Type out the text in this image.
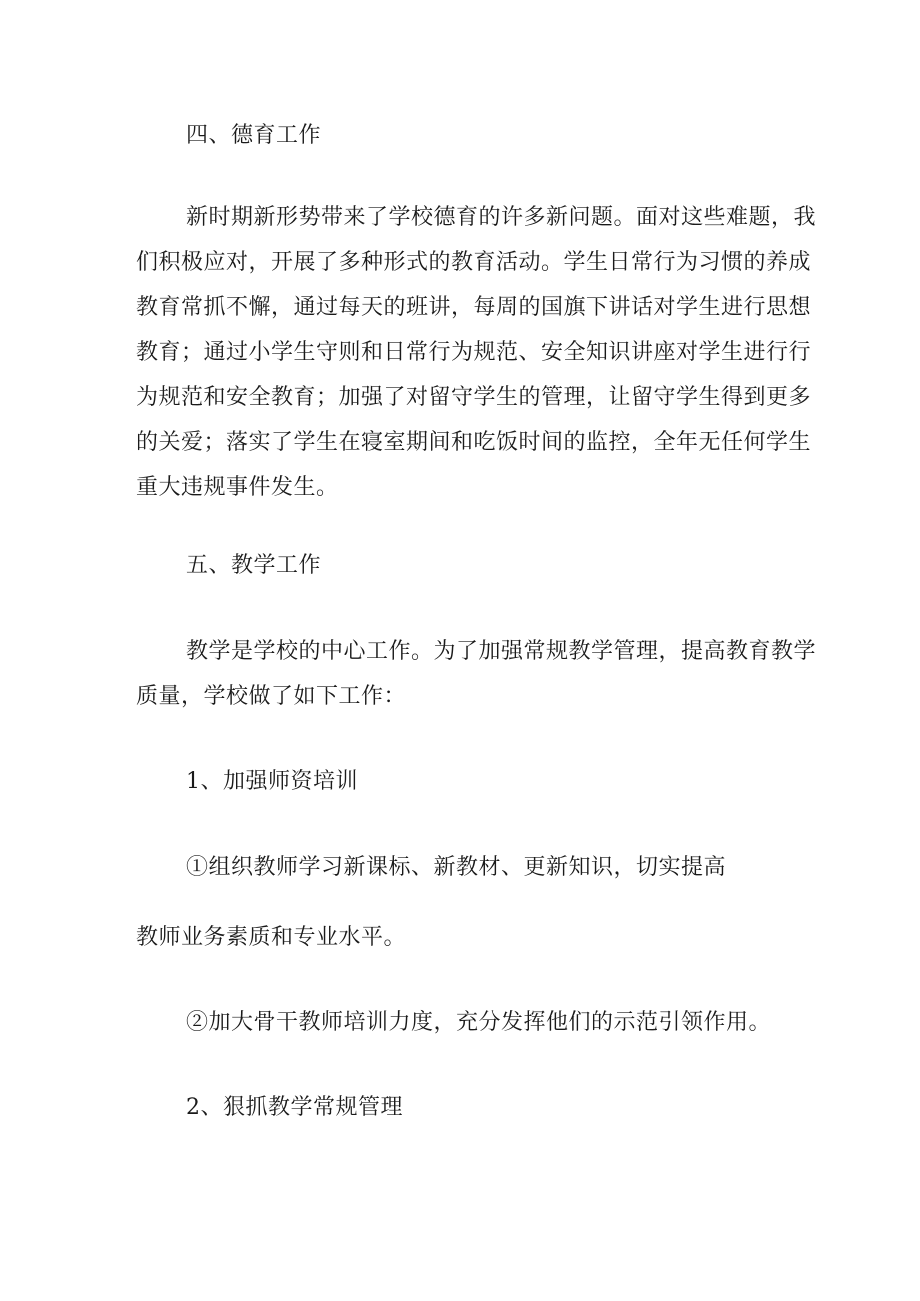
四、德育工作

新时期新形势带来了学校德育的许多新问题。面对这些难题，我
们积极应对，开展了多种形式的教育活动。学生日常行为习惯的养成
教育常抓不懈，通过每天的班讲，每周的国旗下讲话对学生进行思想
教育；通过小学生守则和日常行为规范、安全知识讲座对学生进行行
为规范和安全教育；加强了对留守学生的管理，让留守学生得到更多
的关爱；落实了学生在寝室期间和吃饭时间的监控，全年无任何学生
重大违规事件发生。

五、教学工作

教学是学校的中心工作。为了加强常规教学管理，提高教育教学
质量，学校做了如下工作：

1、加强师资培训

①组织教师学习新课标、新教材、更新知识，切实提高

教师业务素质和专业水平。

②加大骨干教师培训力度，充分发挥他们的示范引领作用。

2、狠抓教学常规管理
